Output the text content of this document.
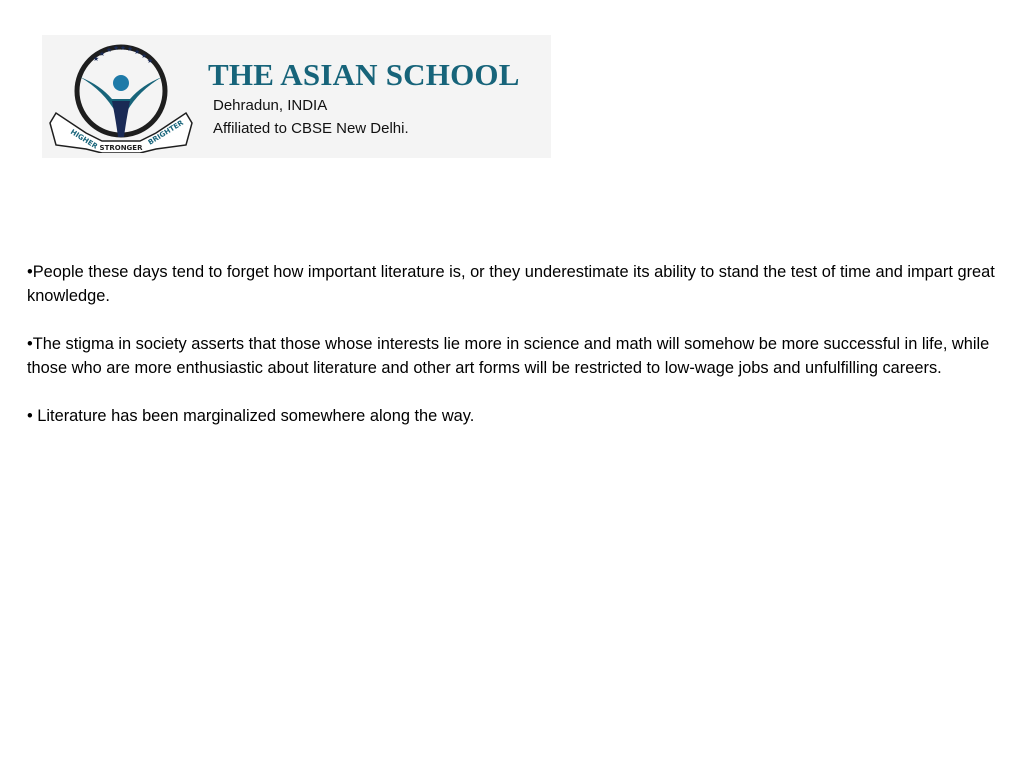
★
★ ★ ★ ★ ★ ★ ★
★
HIGHER STRONGER
BRIGHTER
THE ASIAN SCHOOL
Dehradun, INDIA
Affiliated to CBSE New Delhi.

•People these days tend to forget how important literature is, or they underestimate its ability to stand the test of time and impart great knowledge.

•The stigma in society asserts that those whose interests lie more in science and math will somehow be more successful in life, while those who are more enthusiastic about literature and other art forms will be restricted to low-wage jobs and unfulfilling careers.

• Literature has been marginalized somewhere along the way.
